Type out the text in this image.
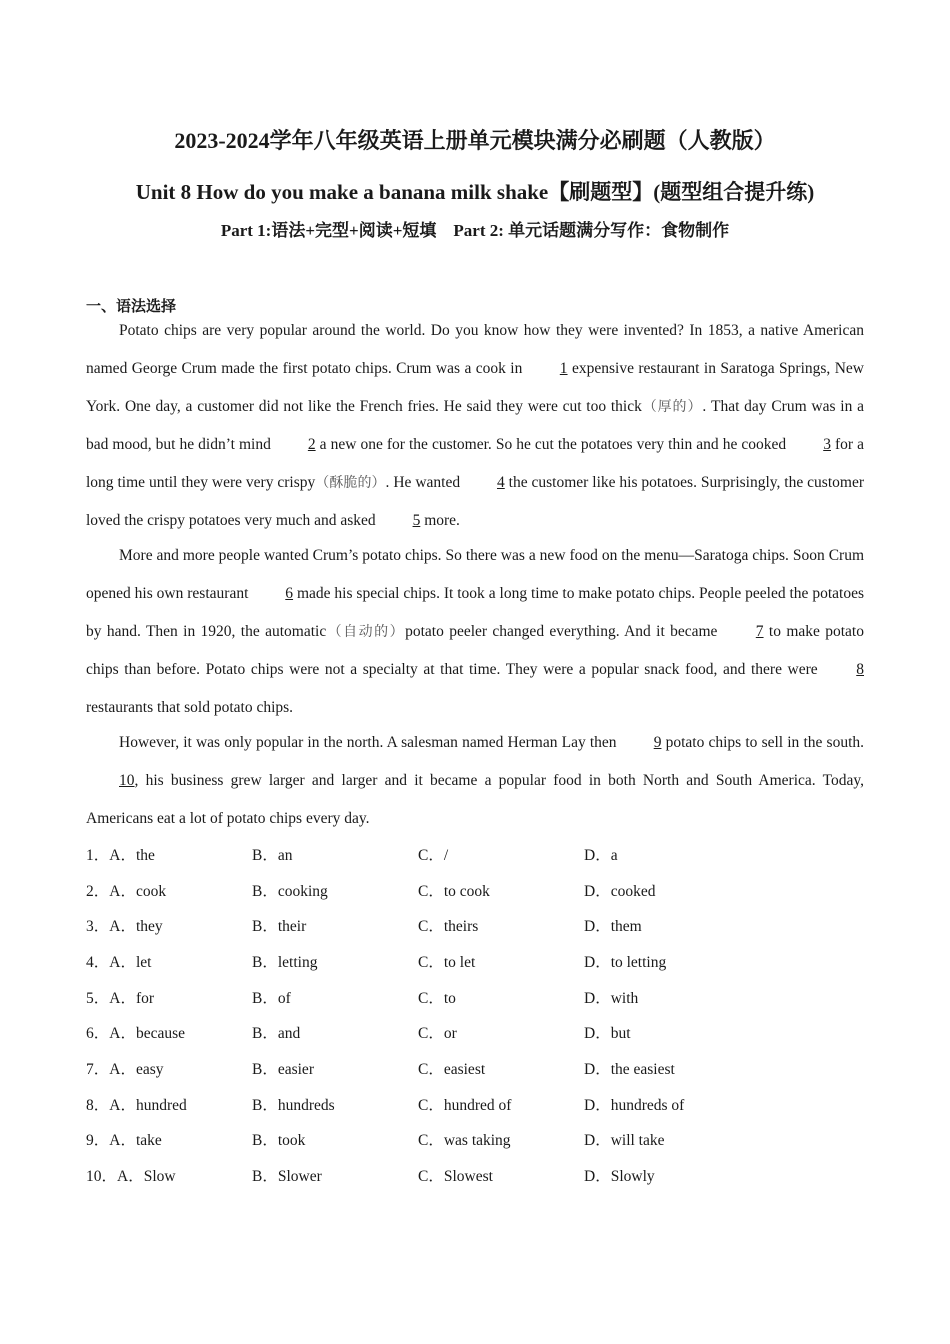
2023-2024学年八年级英语上册单元模块满分必刷题（人教版）
Unit 8 How do you make a banana milk shake【刷题型】(题型组合提升练)
Part 1:语法+完型+阅读+短填　Part 2: 单元话题满分写作：食物制作
一、语法选择

Potato chips are very popular around the world. Do you know how they were invented? In 1853, a native American named George Crum made the first potato chips. Crum was a cook in 1 expensive restaurant in Saratoga Springs, New York. One day, a customer did not like the French fries. He said they were cut too thick（厚的）. That day Crum was in a bad mood, but he didn’t mind 2 a new one for the customer. So he cut the potatoes very thin and he cooked 3 for a long time until they were very crispy（酥脆的）. He wanted 4 the customer like his potatoes. Surprisingly, the customer loved the crispy potatoes very much and asked 5 more.

More and more people wanted Crum’s potato chips. So there was a new food on the menu—Saratoga chips. Soon Crum opened his own restaurant 6 made his special chips. It took a long time to make potato chips. People peeled the potatoes by hand. Then in 1920, the automatic（自动的）potato peeler changed everything. And it became 7 to make potato chips than before. Potato chips were not a specialty at that time. They were a popular snack food, and there were 8 restaurants that sold potato chips.

However, it was only popular in the north. A salesman named Herman Lay then 9 potato chips to sell in the south. 10, his business grew larger and larger and it became a popular food in both North and South America. Today, Americans eat a lot of potato chips every day.

1．A．the	B．an	C．/	D．a
2．A．cook	B．cooking	C．to cook	D．cooked
3．A．they	B．their	C．theirs	D．them
4．A．let	B．letting	C．to let	D．to letting
5．A．for	B．of	C．to	D．with
6．A．because	B．and	C．or	D．but
7．A．easy	B．easier	C．easiest	D．the easiest
8．A．hundred	B．hundreds	C．hundred of	D．hundreds of
9．A．take	B．took	C．was taking	D．will take
10．A．Slow	B．Slower	C．Slowest	D．Slowly
